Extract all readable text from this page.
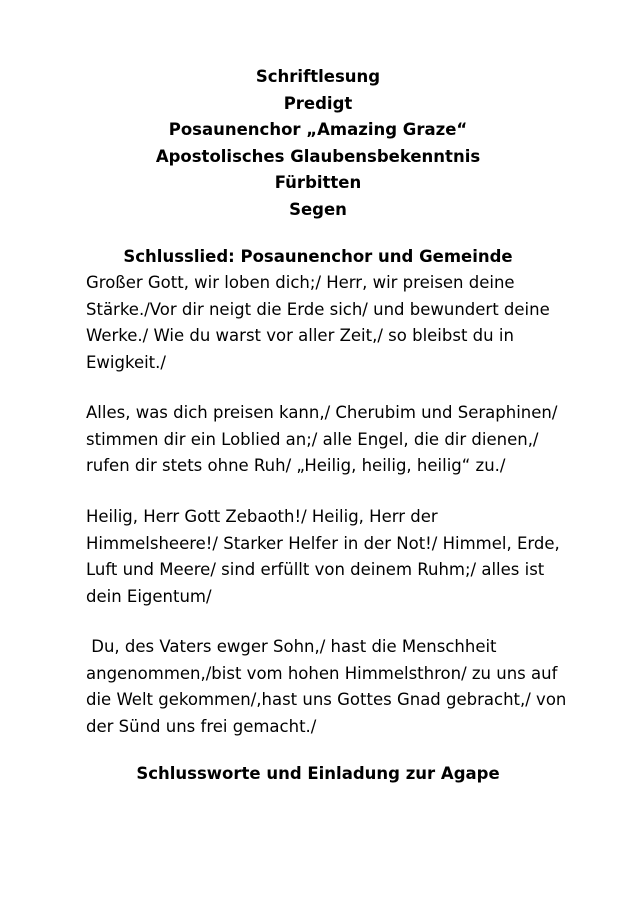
Schriftlesung
Predigt
Posaunenchor „Amazing Graze“
Apostolisches Glaubensbekenntnis
Fürbitten
Segen
Schlusslied: Posaunenchor und Gemeinde
Großer Gott, wir loben dich;/ Herr, wir preisen deine
Stärke./Vor dir neigt die Erde sich/ und bewundert deine
Werke./ Wie du warst vor aller Zeit,/ so bleibst du in
Ewigkeit./
Alles, was dich preisen kann,/ Cherubim und Seraphinen/
stimmen dir ein Loblied an;/ alle Engel, die dir dienen,/
rufen dir stets ohne Ruh/ „Heilig, heilig, heilig“ zu./
Heilig, Herr Gott Zebaoth!/ Heilig, Herr der
Himmelsheere!/ Starker Helfer in der Not!/ Himmel, Erde,
Luft und Meere/ sind erfüllt von deinem Ruhm;/ alles ist
dein Eigentum/
Du, des Vaters ewger Sohn,/ hast die Menschheit
angenommen,/bist vom hohen Himmelsthron/ zu uns auf
die Welt gekommen/,hast uns Gottes Gnad gebracht,/ von
der Sünd uns frei gemacht./

Schlussworte und Einladung zur Agape
